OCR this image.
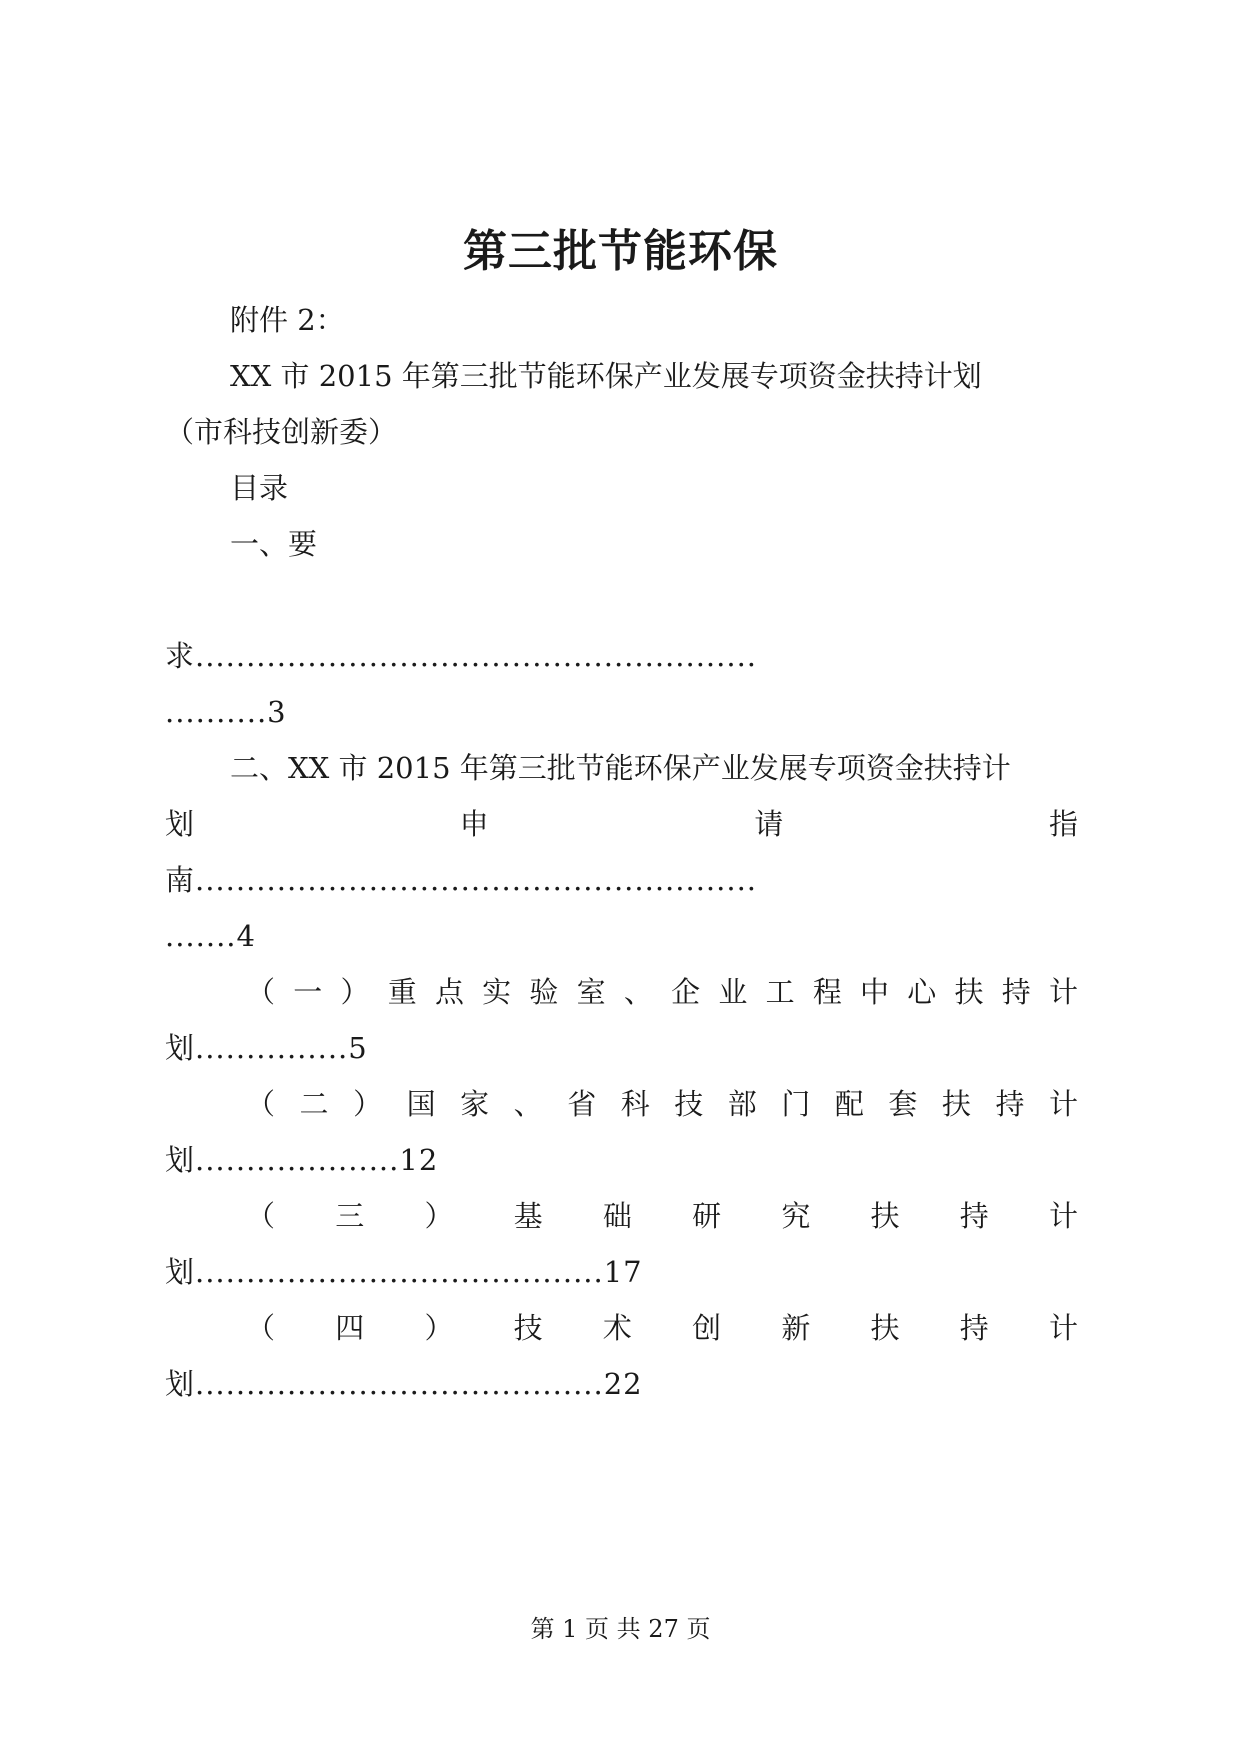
第三批节能环保
附件 2：
XX 市 2015 年第三批节能环保产业发展专项资金扶持计划
（市科技创新委）
目录
一、要
求.......................................................
..........3
二、XX 市 2015 年第三批节能环保产业发展专项资金扶持计
划	申	请	指
南.......................................................
.......4
（ 一 ） 重 点 实 验 室 、 企 业 工 程 中 心 扶 持 计
划...............5
（ 二 ） 国 家 、 省 科 技 部 门 配 套 扶 持 计
划....................12
（ 三 ） 基 础 研 究 扶 持 计
划........................................17
（ 四 ） 技 术 创 新 扶 持 计
划........................................22
第 1 页 共 27 页
